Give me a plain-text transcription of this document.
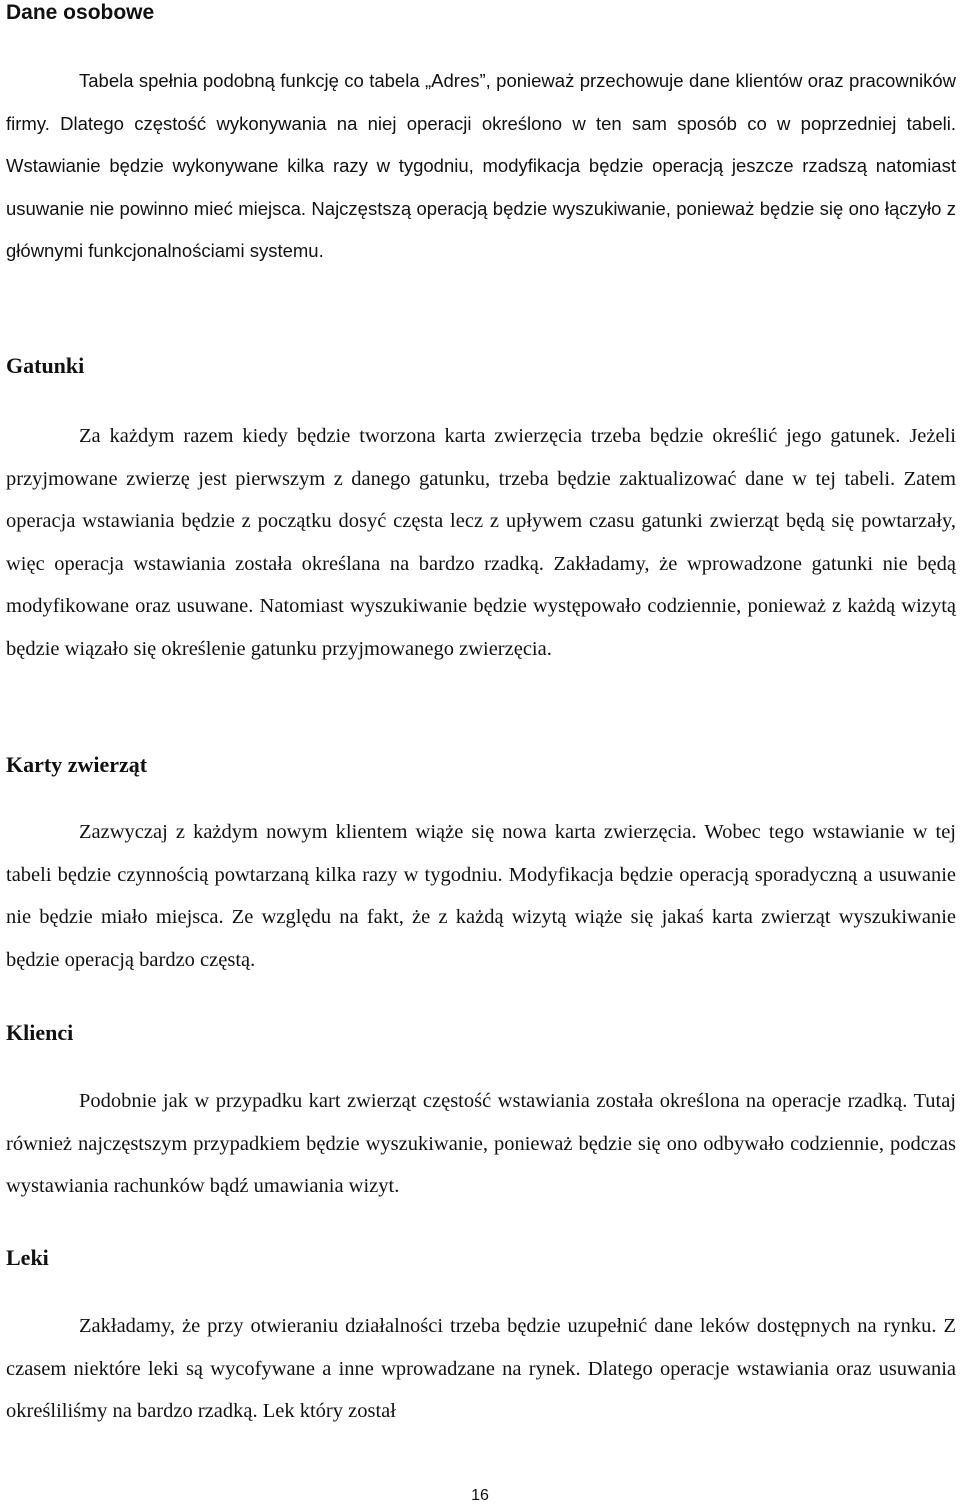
Dane osobowe

Tabela spełnia podobną funkcję co tabela „Adres”, ponieważ przechowuje dane klientów oraz pracowników firmy. Dlatego częstość wykonywania na niej operacji określono w ten sam sposób co w poprzedniej tabeli. Wstawianie będzie wykonywane kilka razy w tygodniu, modyfikacja będzie operacją jeszcze rzadszą natomiast usuwanie nie powinno mieć miejsca. Najczęstszą operacją będzie wyszukiwanie, ponieważ będzie się ono łączyło z głównymi funkcjonalnościami systemu.

Gatunki

Za każdym razem kiedy będzie tworzona karta zwierzęcia trzeba będzie określić jego gatunek. Jeżeli przyjmowane zwierzę jest pierwszym z danego gatunku, trzeba będzie zaktualizować dane w tej tabeli. Zatem operacja wstawiania będzie z początku dosyć częsta lecz z upływem czasu gatunki zwierząt będą się powtarzały, więc operacja wstawiania została określana na bardzo rzadką. Zakładamy, że wprowadzone gatunki nie będą modyfikowane oraz usuwane. Natomiast wyszukiwanie będzie występowało codziennie, ponieważ z każdą wizytą będzie wiązało się określenie gatunku przyjmowanego zwierzęcia.

Karty zwierząt

Zazwyczaj z każdym nowym klientem wiąże się nowa karta zwierzęcia. Wobec tego wstawianie w tej tabeli będzie czynnością powtarzaną kilka razy w tygodniu. Modyfikacja będzie operacją sporadyczną a usuwanie nie będzie miało miejsca. Ze względu na fakt, że z każdą wizytą wiąże się jakaś karta zwierząt wyszukiwanie będzie operacją bardzo częstą.

Klienci

Podobnie jak w przypadku kart zwierząt częstość wstawiania została określona na operacje rzadką. Tutaj również najczęstszym przypadkiem będzie wyszukiwanie, ponieważ będzie się ono odbywało codziennie, podczas wystawiania rachunków bądź umawiania wizyt.

Leki

Zakładamy, że przy otwieraniu działalności trzeba będzie uzupełnić dane leków dostępnych na rynku. Z czasem niektóre leki są wycofywane a inne wprowadzane na rynek. Dlatego operacje wstawiania oraz usuwania określiliśmy na bardzo rzadką. Lek który został

16
